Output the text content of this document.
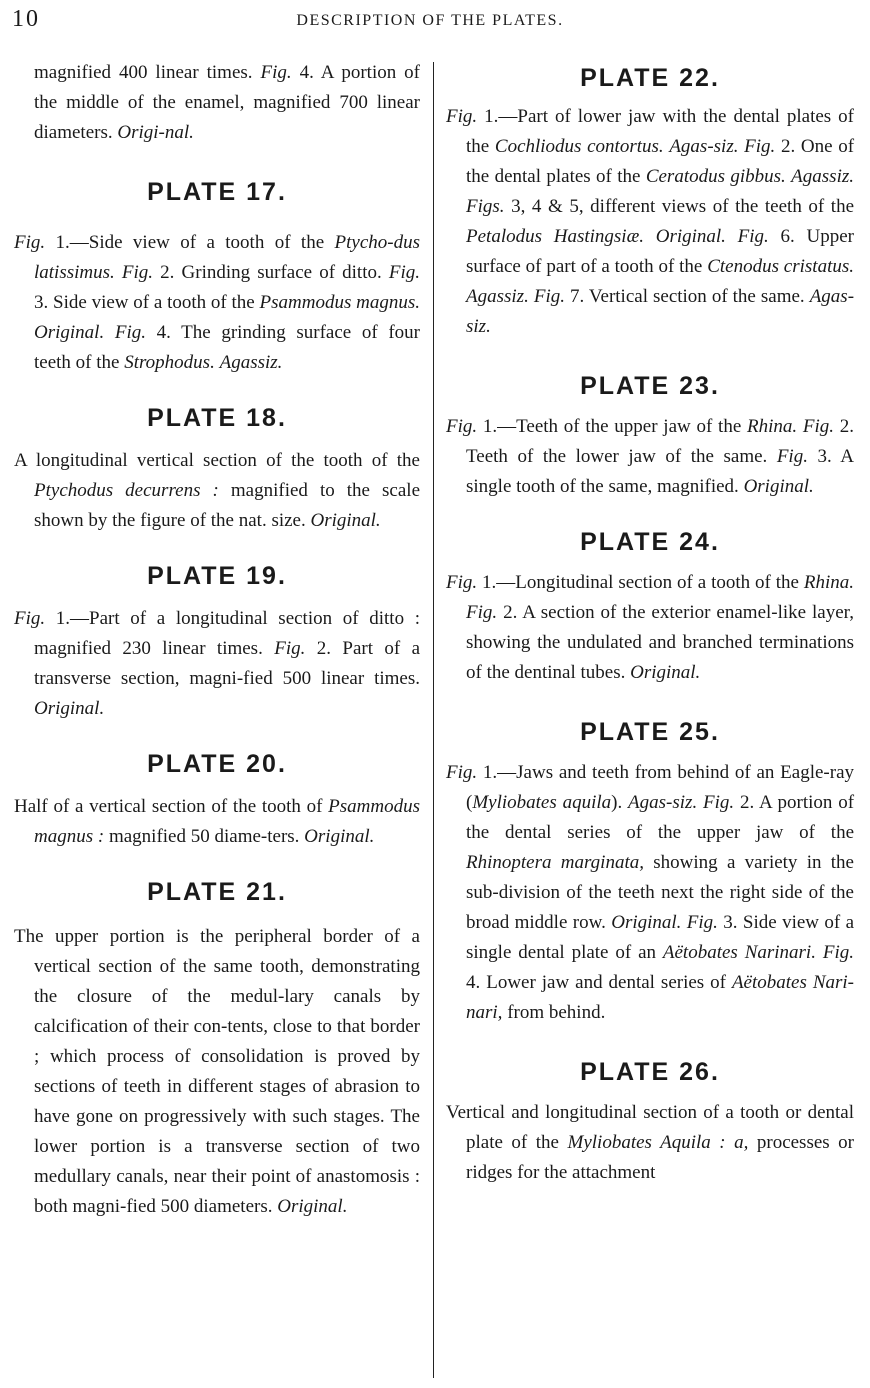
10	DESCRIPTION OF THE PLATES.

magnified 400 linear times. Fig. 4. A portion of the middle of the enamel, magnified 700 linear diameters. Origi-nal.

PLATE 17.

Fig. 1.—Side view of a tooth of the Ptycho-dus latissimus. Fig. 2. Grinding surface of ditto. Fig. 3. Side view of a tooth of the Psammodus magnus. Original. Fig. 4. The grinding surface of four teeth of the Strophodus. Agassiz.

PLATE 18.

A longitudinal vertical section of the tooth of the Ptychodus decurrens : magnified to the scale shown by the figure of the nat. size. Original.

PLATE 19.

Fig. 1.—Part of a longitudinal section of ditto : magnified 230 linear times. Fig. 2. Part of a transverse section, magni-fied 500 linear times. Original.

PLATE 20.

Half of a vertical section of the tooth of Psammodus magnus : magnified 50 diame-ters. Original.

PLATE 21.

The upper portion is the peripheral border of a vertical section of the same tooth, demonstrating the closure of the medul-lary canals by calcification of their con-tents, close to that border ; which process of consolidation is proved by sections of teeth in different stages of abrasion to have gone on progressively with such stages. The lower portion is a transverse section of two medullary canals, near their point of anastomosis : both magni-fied 500 diameters. Original.

PLATE 22.

Fig. 1.—Part of lower jaw with the dental plates of the Cochliodus contortus. Agas-siz. Fig. 2. One of the dental plates of the Ceratodus gibbus. Agassiz. Figs. 3, 4 & 5, different views of the teeth of the Petalodus Hastingsiæ. Original. Fig. 6. Upper surface of part of a tooth of the Ctenodus cristatus. Agassiz. Fig. 7. Vertical section of the same. Agas-siz.

PLATE 23.

Fig. 1.—Teeth of the upper jaw of the Rhina. Fig. 2. Teeth of the lower jaw of the same. Fig. 3. A single tooth of the same, magnified. Original.

PLATE 24.

Fig. 1.—Longitudinal section of a tooth of the Rhina. Fig. 2. A section of the exterior enamel-like layer, showing the undulated and branched terminations of the dentinal tubes. Original.

PLATE 25.

Fig. 1.—Jaws and teeth from behind of an Eagle-ray (Myliobates aquila). Agas-siz. Fig. 2. A portion of the dental series of the upper jaw of the Rhinoptera marginata, showing a variety in the sub-division of the teeth next the right side of the broad middle row. Original. Fig. 3. Side view of a single dental plate of an Aëtobates Narinari. Fig. 4. Lower jaw and dental series of Aëtobates Nari-nari, from behind.

PLATE 26.

Vertical and longitudinal section of a tooth or dental plate of the Myliobates Aquila : a, processes or ridges for the attachment
